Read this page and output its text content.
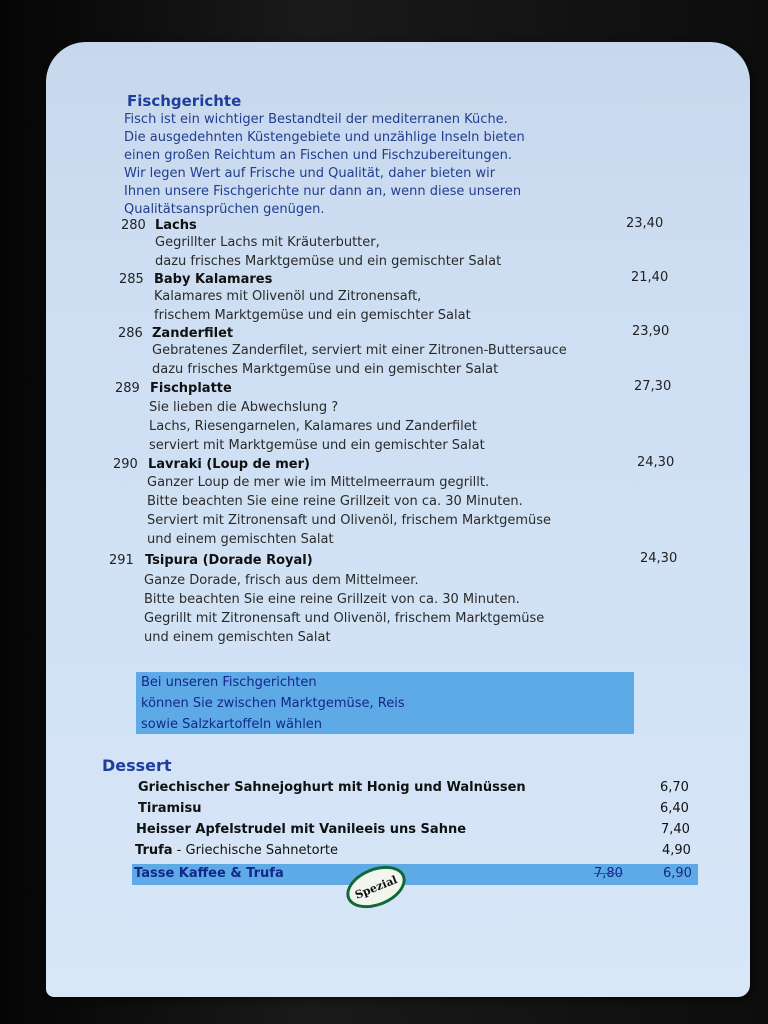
Fischgerichte
Fisch ist ein wichtiger Bestandteil der mediterranen Küche.
Die ausgedehnten Küstengebiete und unzählige Inseln bieten
einen großen Reichtum an Fischen und Fischzubereitungen.
Wir legen Wert auf Frische und Qualität, daher bieten wir
Ihnen unsere Fischgerichte nur dann an, wenn diese unseren
Qualitätsansprüchen genügen.
280 Lachs	23,40
Gegrillter Lachs mit Kräuterbutter,
dazu frisches Marktgemüse und ein gemischter Salat
285 Baby Kalamares	21,40
Kalamares mit Olivenöl und Zitronensaft,
frischem Marktgemüse und ein gemischter Salat
286 Zanderfilet	23,90
Gebratenes Zanderfilet, serviert mit einer Zitronen-Buttersauce
dazu frisches Marktgemüse und ein gemischter Salat
289 Fischplatte	27,30
Sie lieben die Abwechslung ?
Lachs, Riesengarnelen, Kalamares und Zanderfilet
serviert mit Marktgemüse und ein gemischter Salat
290 Lavraki (Loup de mer)	24,30
Ganzer Loup de mer wie im Mittelmeerraum gegrillt.
Bitte beachten Sie eine reine Grillzeit von ca. 30 Minuten.
Serviert mit Zitronensaft und Olivenöl, frischem Marktgemüse
und einem gemischten Salat
291 Tsipura (Dorade Royal)	24,30
Ganze Dorade, frisch aus dem Mittelmeer.
Bitte beachten Sie eine reine Grillzeit von ca. 30 Minuten.
Gegrillt mit Zitronensaft und Olivenöl, frischem Marktgemüse
und einem gemischten Salat
Bei unseren Fischgerichten
können Sie zwischen Marktgemüse, Reis
sowie Salzkartoffeln wählen
Dessert
Griechischer Sahnejoghurt mit Honig und Walnüssen	6,70
Tiramisu	6,40
Heisser Apfelstrudel mit Vanileeis uns Sahne	7,40
Trufa - Griechische Sahnetorte	4,90
Tasse Kaffee & Trufa	7,80	6,90
Spezial
